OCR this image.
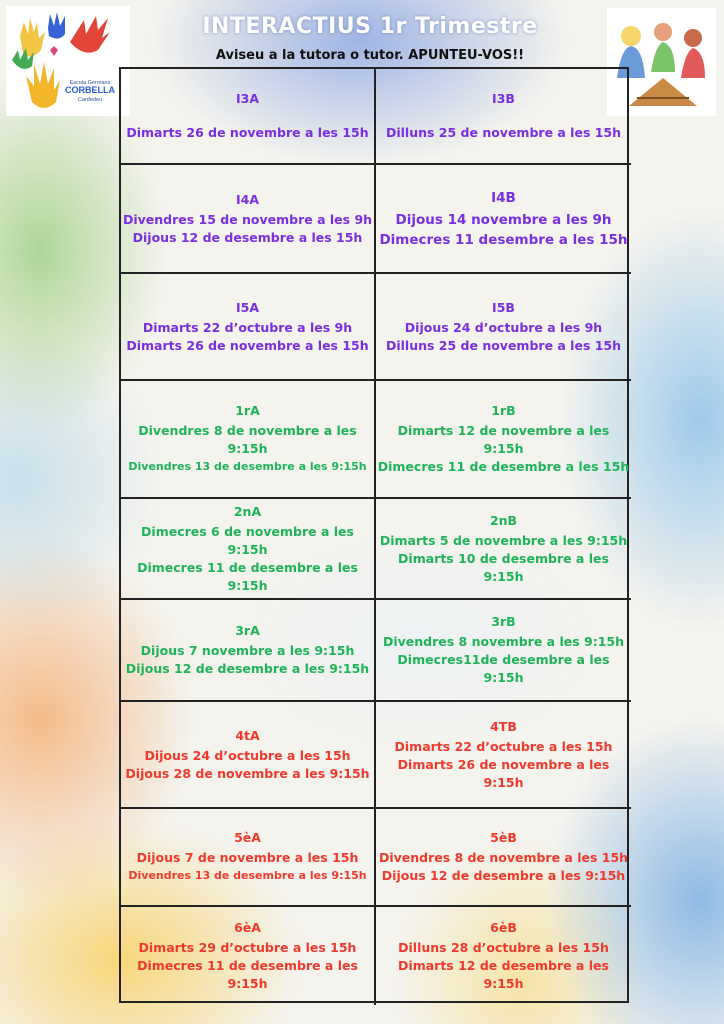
Escola Germans
CORBELLA
Cardedeu
INTERACTIUS 1r Trimestre
Aviseu a la tutora o tutor. APUNTEU-VOS!!
I3A
Dimarts 26 de novembre a les 15h
I3B
Dilluns 25 de novembre a les 15h
I4A
Divendres 15 de novembre a les 9h
Dijous 12 de desembre a les 15h
I4B
Dijous 14 novembre a les 9h
Dimecres 11 desembre a les 15h
I5A
Dimarts 22 d’octubre a les 9h
Dimarts 26 de novembre a les 15h
I5B
Dijous 24 d’octubre a les 9h
Dilluns 25 de novembre a les 15h
1rA
Divendres 8 de novembre a les 9:15h
Divendres 13 de desembre a les 9:15h
1rB
Dimarts 12 de novembre a les 9:15h
Dimecres 11 de desembre a les 15h
2nA
Dimecres 6 de novembre a les 9:15h
Dimecres 11 de desembre a les 9:15h
2nB
Dimarts 5 de novembre a les 9:15h
Dimarts 10 de desembre a les 9:15h
3rA
Dijous 7 novembre a les 9:15h
Dijous 12 de desembre a les 9:15h
3rB
Divendres 8 novembre a les 9:15h
Dimecres11de desembre a les 9:15h
4tA
Dijous 24 d’octubre a les 15h
Dijous 28 de novembre a les 9:15h
4TB
Dimarts 22 d’octubre a les 15h
Dimarts 26 de novembre a les 9:15h
5èA
Dijous 7 de novembre a les 15h
Divendres 13 de desembre a les 9:15h
5èB
Divendres 8 de novembre a les 15h
Dijous 12 de desembre a les 9:15h
6èA
Dimarts 29 d’octubre a les 15h
Dimecres 11 de desembre a les 9:15h
6èB
Dilluns 28 d’octubre a les 15h
Dimarts 12 de desembre a les 9:15h
